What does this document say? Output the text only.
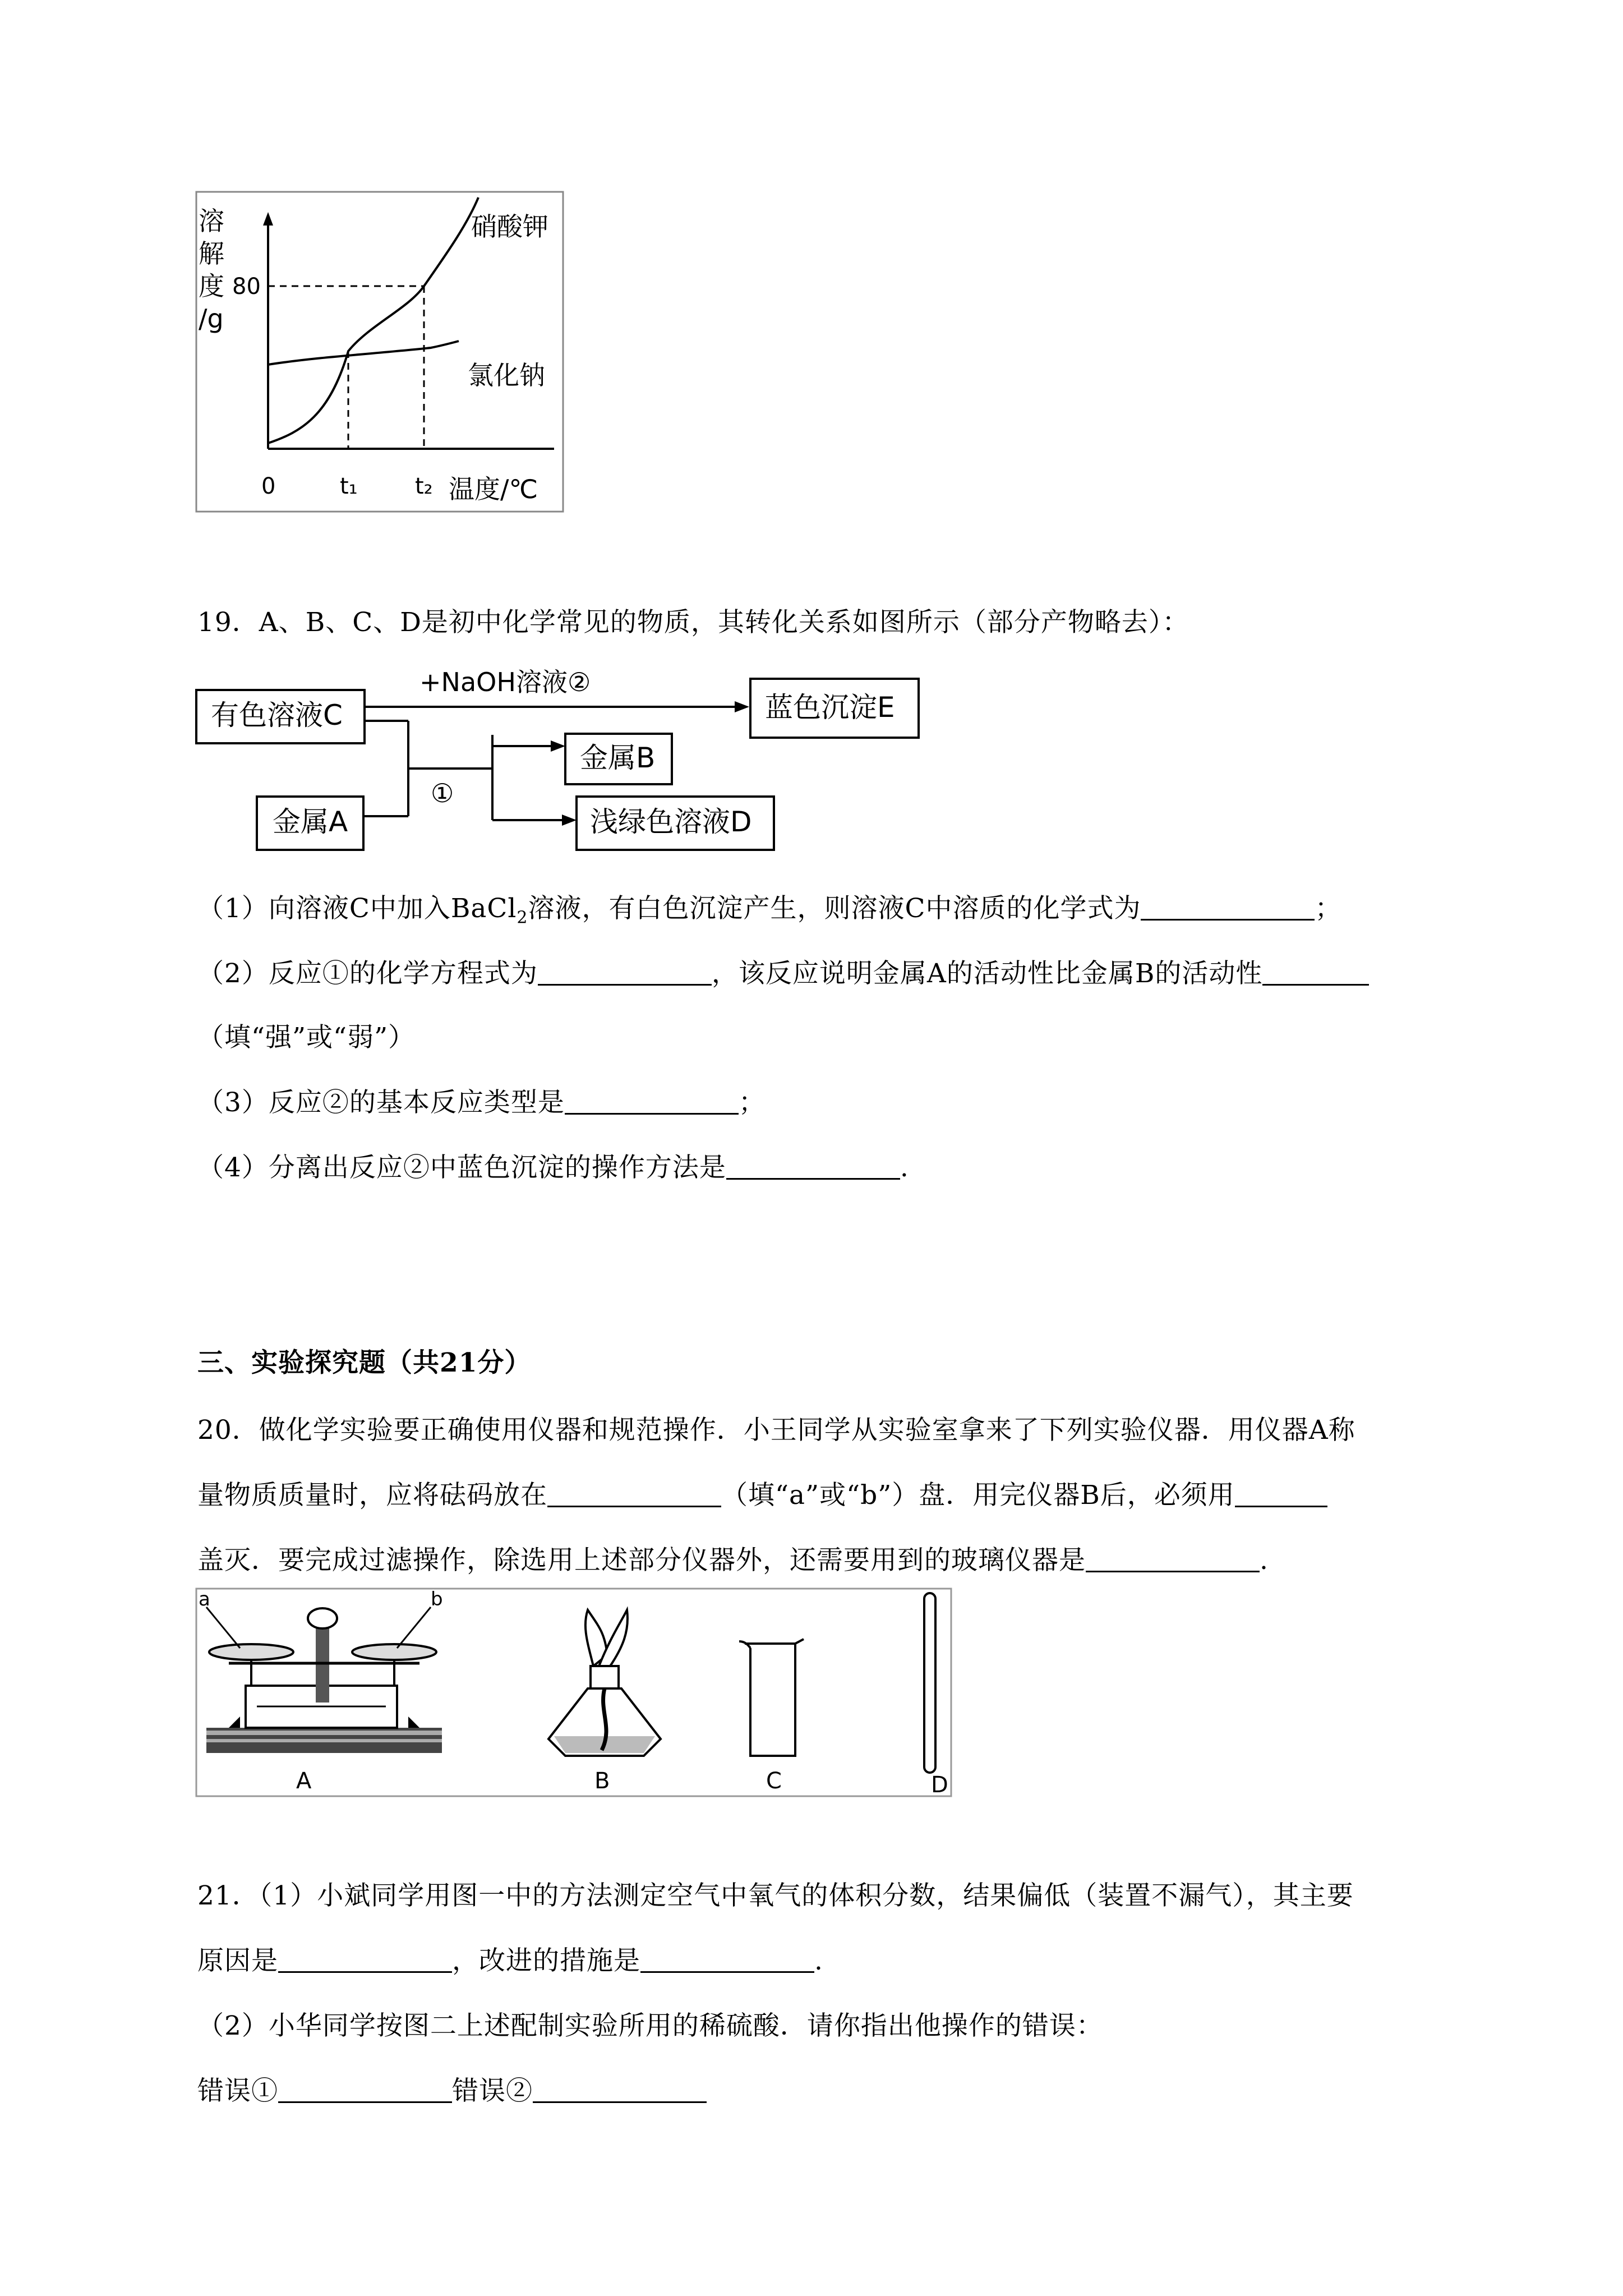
溶
解
度
/g
80
0	t₁	t₂ 温度/℃
硝酸钾
氯化钠
19．A、B、C、D是初中化学常见的物质，其转化关系如图所示（部分产物略去）：
有色溶液C
金属A
金属B
浅绿色溶液D
蓝色沉淀E
+NaOH溶液②
①
（1）向溶液C中加入BaCl$_2$溶液，有白色沉淀产生，则溶液C中溶质的化学式为	；
（2）反应①的化学方程式为	，该反应说明金属A的活动性比金属B的活动性
（填“强”或“弱”）
（3）反应②的基本反应类型是	；
（4）分离出反应②中蓝色沉淀的操作方法是	.
三、实验探究题（共21分）
20．做化学实验要正确使用仪器和规范操作．小王同学从实验室拿来了下列实验仪器．用仪器A称
量物质质量时，应将砝码放在	（填“a”或“b”）盘．用完仪器B后，必须用
盖灭．要完成过滤操作，除选用上述部分仪器外，还需要用到的玻璃仪器是	.
a	b
A	B	C	D
21．（1）小斌同学用图一中的方法测定空气中氧气的体积分数，结果偏低（装置不漏气），其主要
原因是	，改进的措施是	.
（2）小华同学按图二上述配制实验所用的稀硫酸．请你指出他操作的错误：
错误①	错误②
